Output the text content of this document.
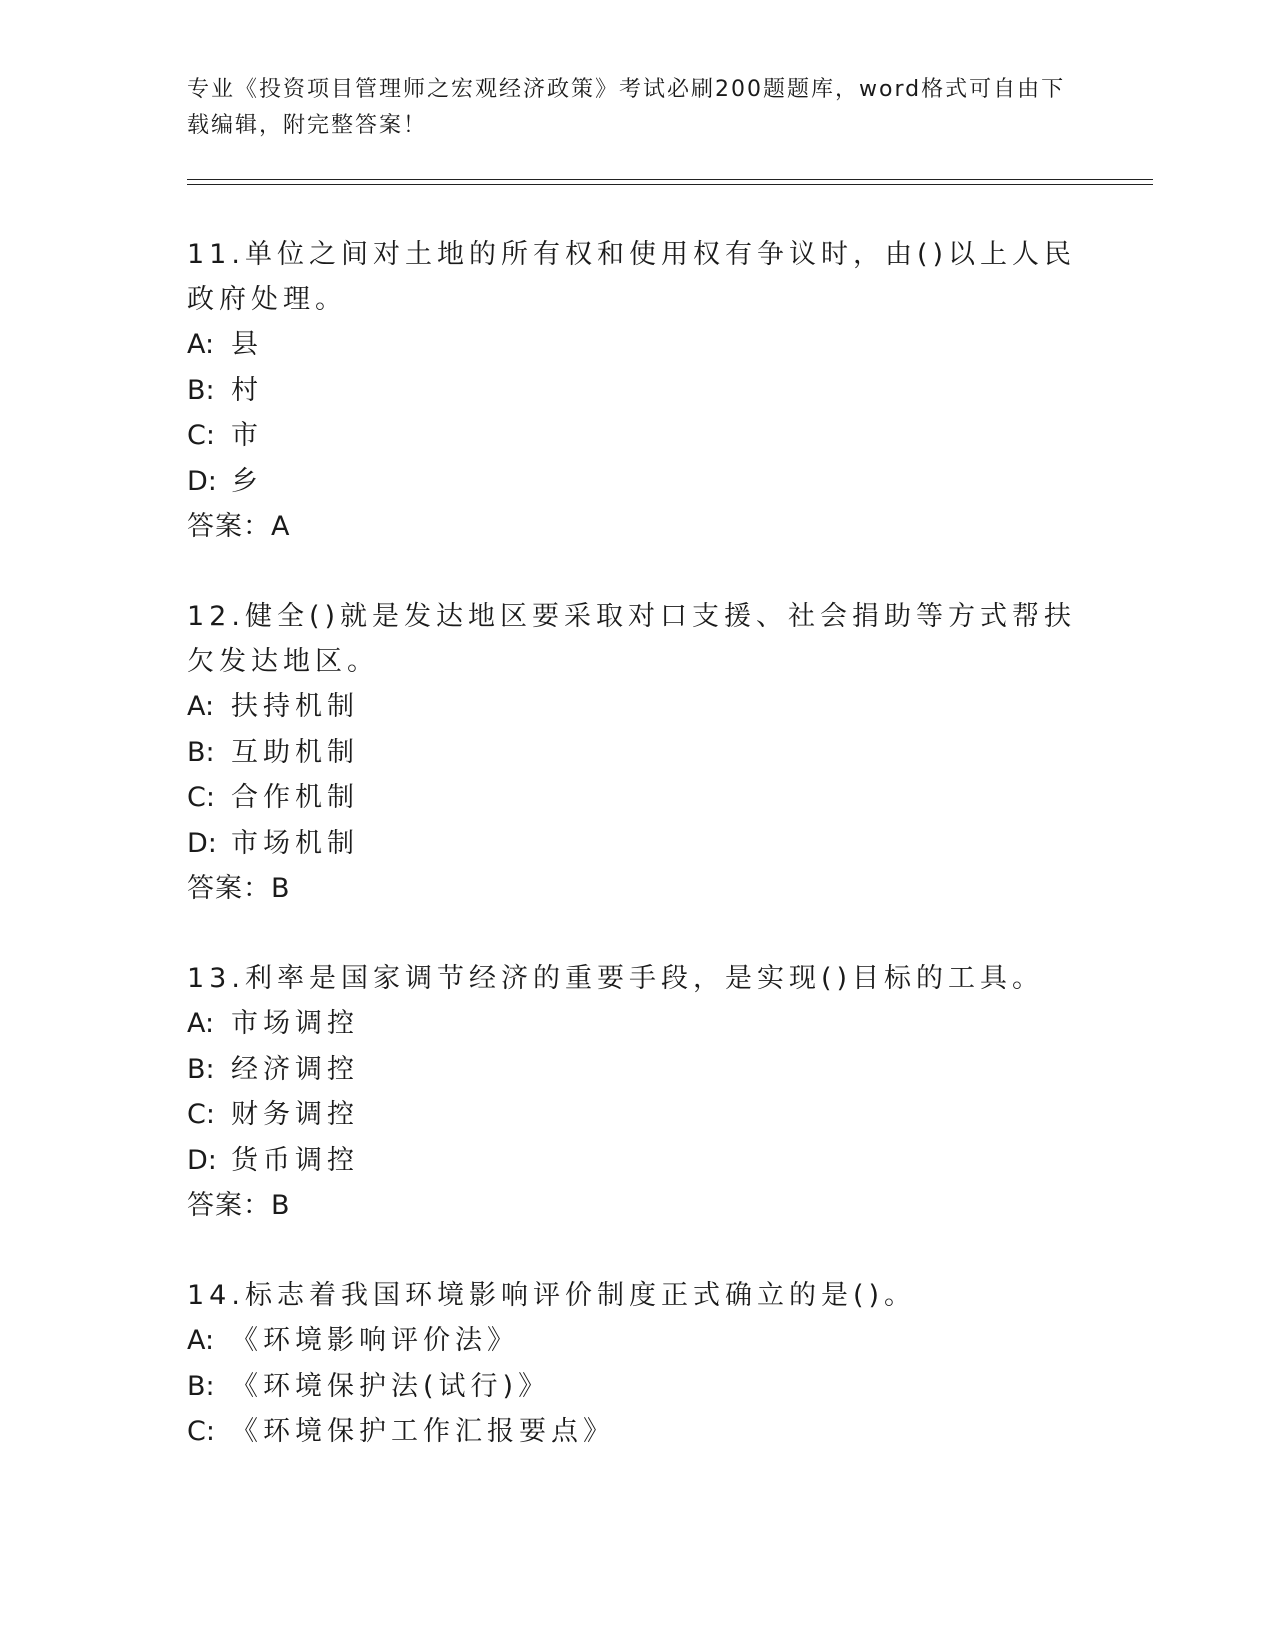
专业《投资项目管理师之宏观经济政策》考试必刷200题题库，word格式可自由下载编辑，附完整答案！
11.单位之间对土地的所有权和使用权有争议时，由()以上人民政府处理。
A: 县
B: 村
C: 市
D: 乡
答案：A
12.健全()就是发达地区要采取对口支援、社会捐助等方式帮扶欠发达地区。
A: 扶持机制
B: 互助机制
C: 合作机制
D: 市场机制
答案：B
13.利率是国家调节经济的重要手段，是实现()目标的工具。
A: 市场调控
B: 经济调控
C: 财务调控
D: 货币调控
答案：B
14.标志着我国环境影响评价制度正式确立的是()。
A: 《环境影响评价法》
B: 《环境保护法(试行)》
C: 《环境保护工作汇报要点》
